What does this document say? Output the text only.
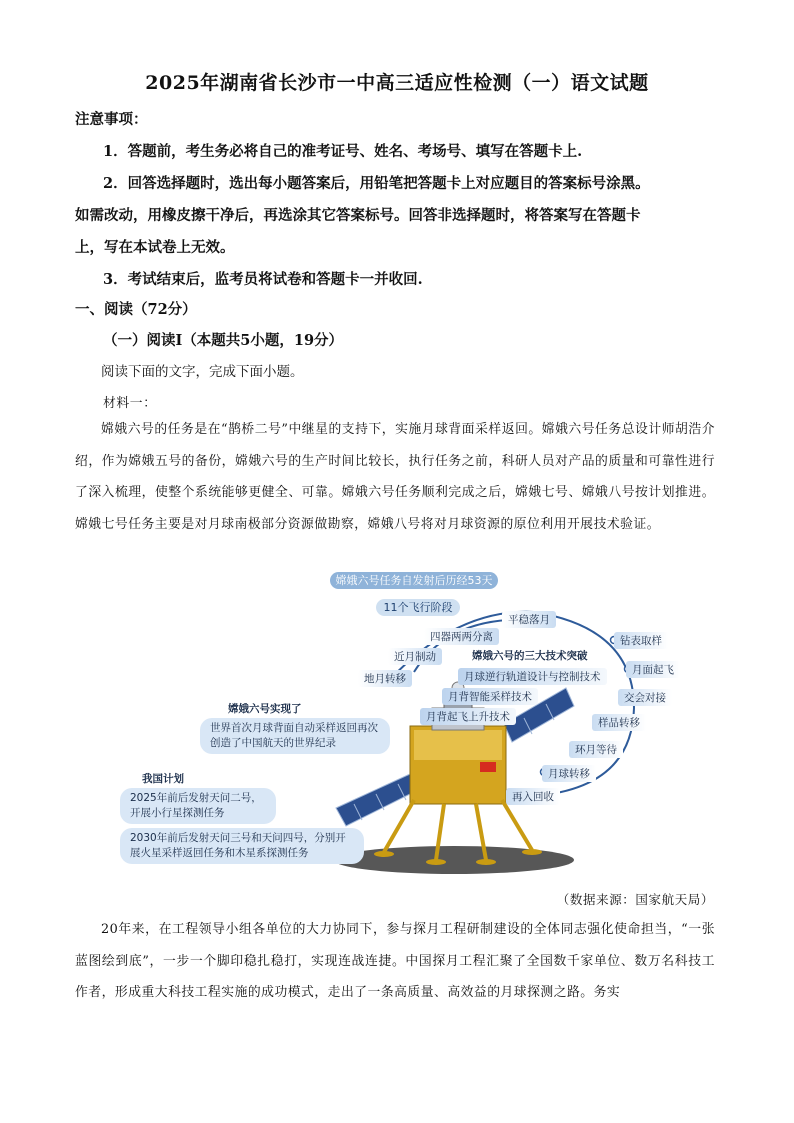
2025年湖南省长沙市一中高三适应性检测（一）语文试题
注意事项：
1．答题前，考生务必将自己的准考证号、姓名、考场号、填写在答题卡上.
2．回答选择题时，选出每小题答案后，用铅笔把答题卡上对应题目的答案标号涂黑。
如需改动，用橡皮擦干净后，再选涂其它答案标号。回答非选择题时，将答案写在答题卡
上，写在本试卷上无效。
3．考试结束后，监考员将试卷和答题卡一并收回.
一、阅读（72分）
（一）阅读Ⅰ（本题共5小题，19分）
阅读下面的文字，完成下面小题。
材料一：
嫦娥六号的任务是在“鹊桥二号”中继星的支持下，实施月球背面采样返回。嫦娥六号任务总设计师胡浩介绍，作为嫦娥五号的备份，嫦娥六号的生产时间比较长，执行任务之前，科研人员对产品的质量和可靠性进行了深入梳理，使整个系统能够更健全、可靠。嫦娥六号任务顺利完成之后，嫦娥七号、嫦娥八号按计划推进。嫦娥七号任务主要是对月球南极部分资源做勘察，嫦娥八号将对月球资源的原位利用开展技术验证。
嫦娥六号任务自发射后历经53天
11个飞行阶段
四器两两分离
近月制动
地月转移
平稳落月
钻表取样
月面起飞
交会对接
样品转移
环月等待
月球转移
再入回收
嫦娥六号的三大技术突破
月球逆行轨道设计与控制技术
月背智能采样技术
月背起飞上升技术
嫦娥六号实现了
世界首次月球背面自动采样返回再次创造了中国航天的世界纪录
我国计划
2025年前后发射天问二号，开展小行星探测任务
2030年前后发射天问三号和天问四号，分别开展火星采样返回任务和木星系探测任务
（数据来源：国家航天局）
20年来，在工程领导小组各单位的大力协同下，参与探月工程研制建设的全体同志强化使命担当，“一张蓝图绘到底”，一步一个脚印稳扎稳打，实现连战连捷。中国探月工程汇聚了全国数千家单位、数万名科技工作者，形成重大科技工程实施的成功模式，走出了一条高质量、高效益的月球探测之路。务实
